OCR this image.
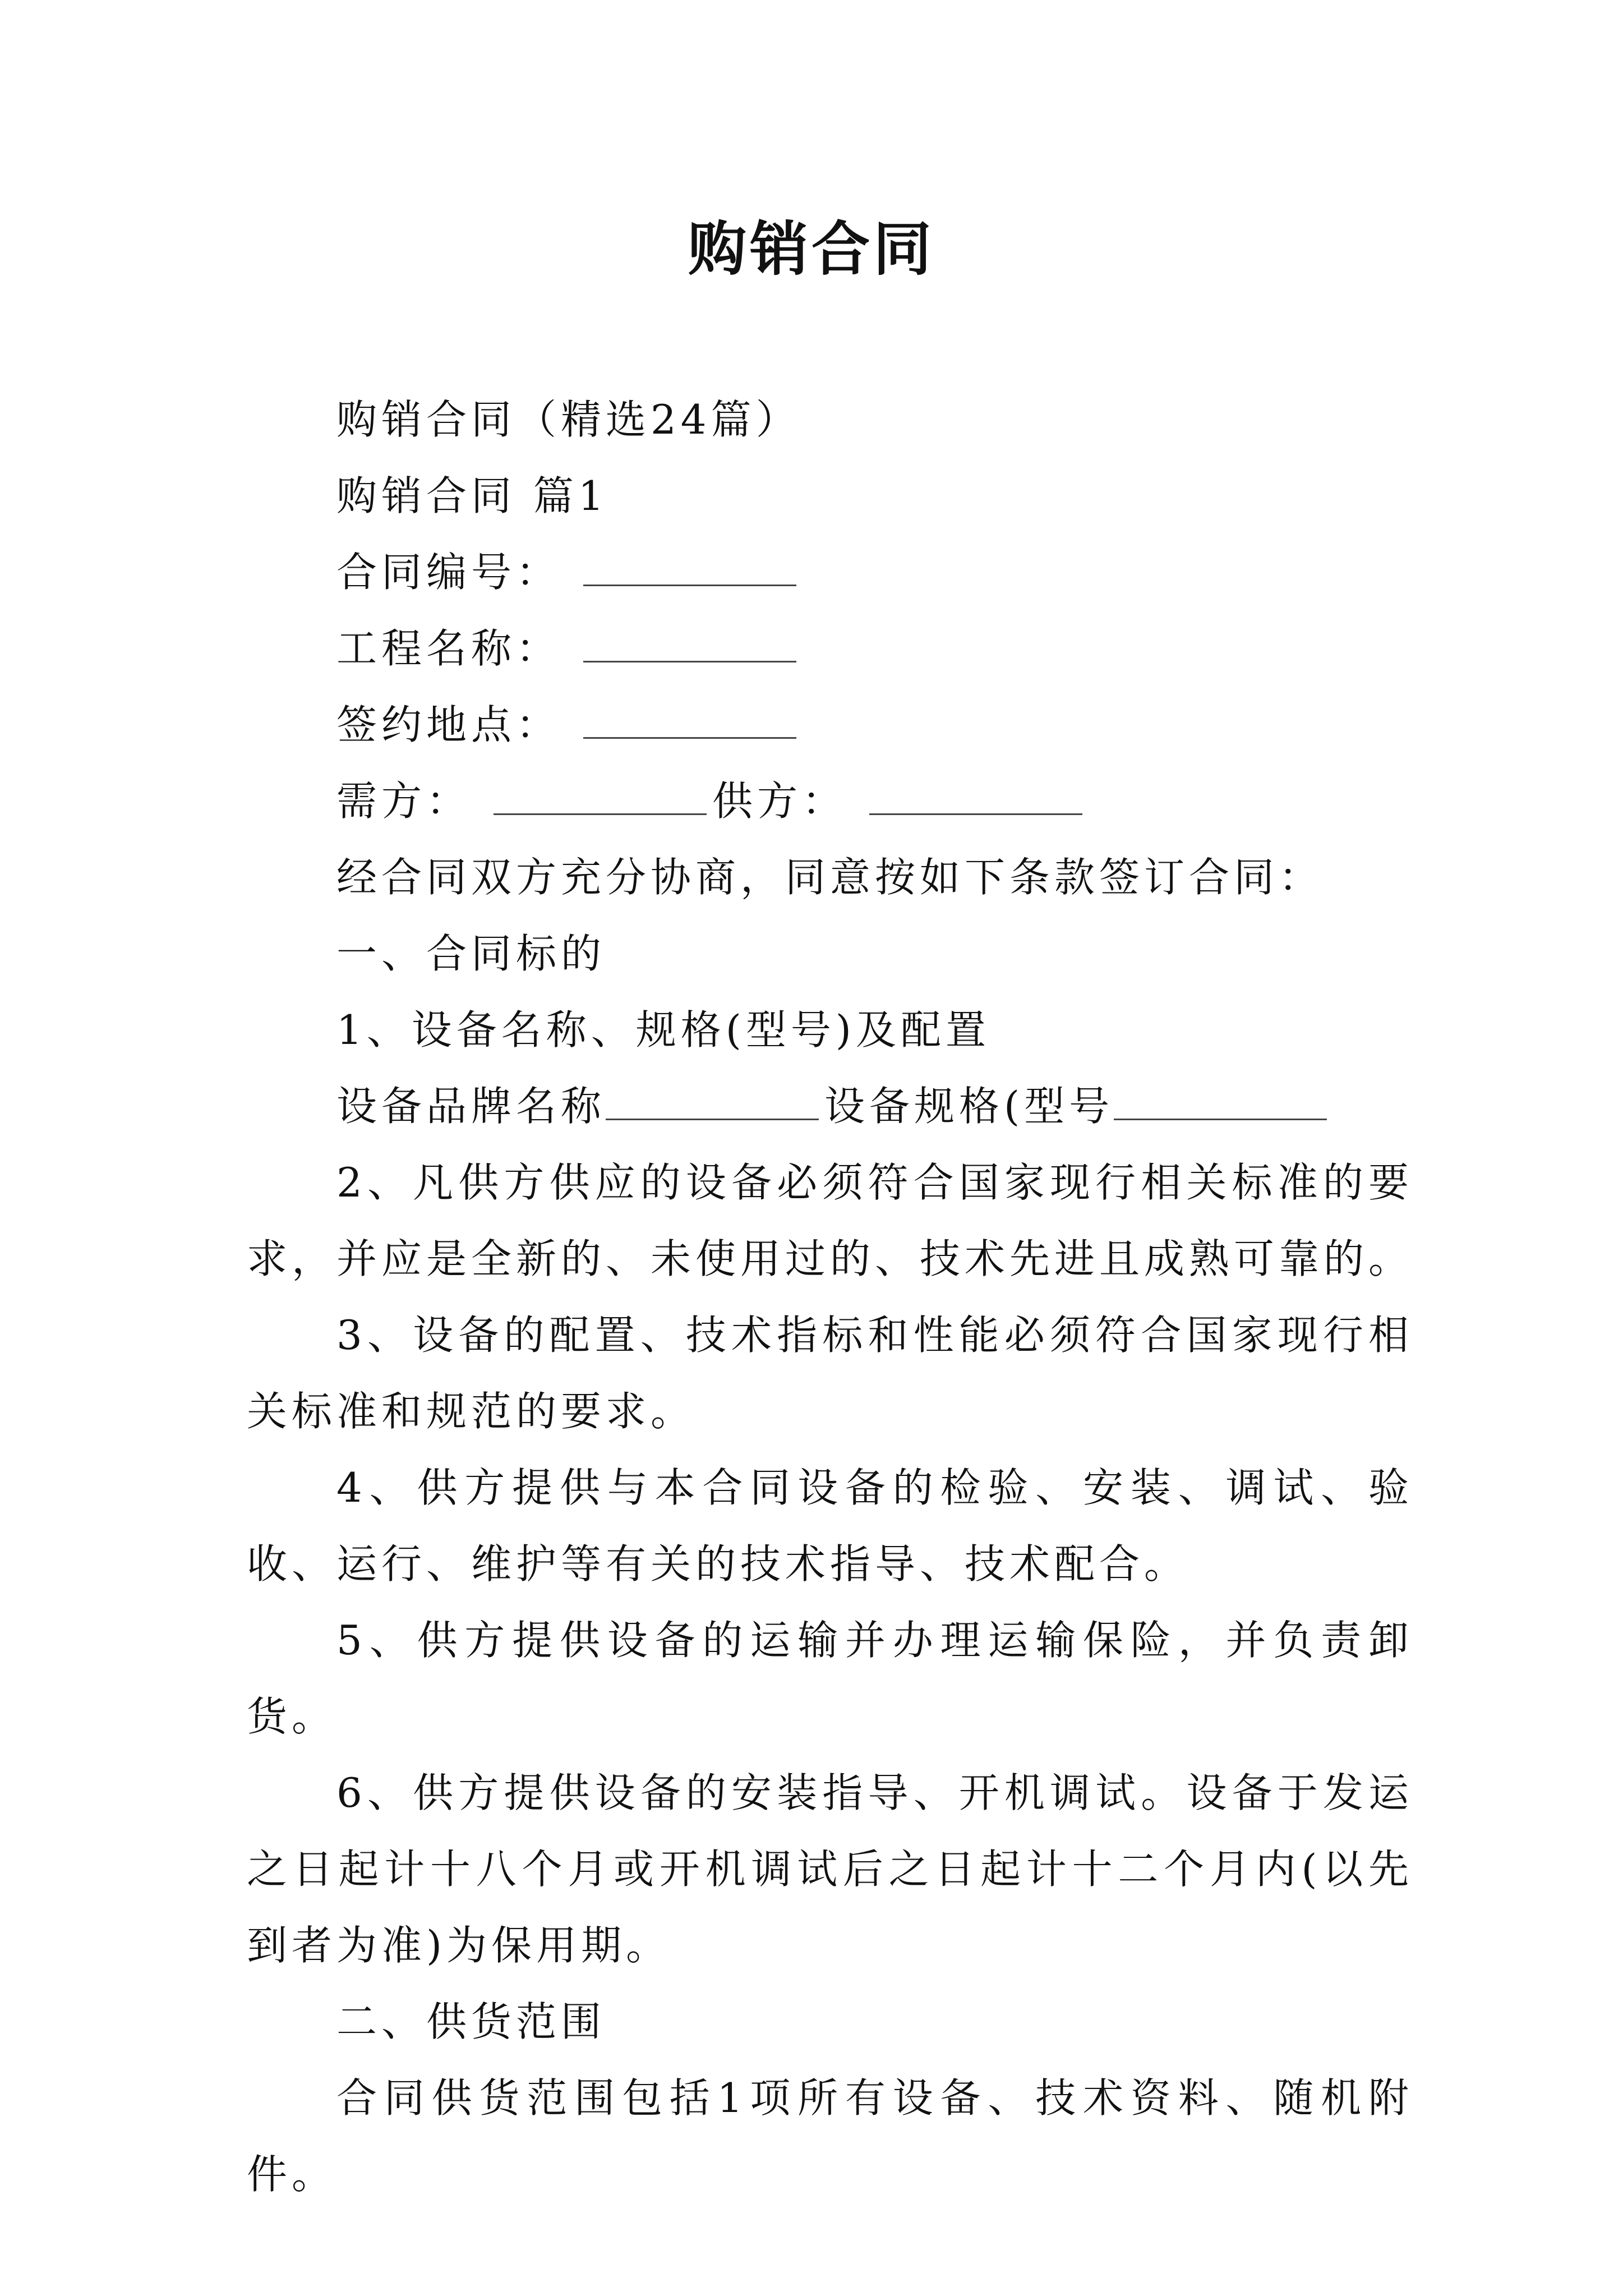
购销合同

购销合同（精选24篇）

购销合同 篇1

合同编号：

工程名称：

签约地点：

需方：	供方：

经合同双方充分协商，同意按如下条款签订合同：

一、合同标的

1、设备名称、规格(型号)及配置

设备品牌名称	设备规格(型号

2、凡供方供应的设备必须符合国家现行相关标准的要求，并应是全新的、未使用过的、技术先进且成熟可靠的。

3、设备的配置、技术指标和性能必须符合国家现行相关标准和规范的要求。

4、供方提供与本合同设备的检验、安装、调试、验收、运行、维护等有关的技术指导、技术配合。

5、供方提供设备的运输并办理运输保险，并负责卸货。

6、供方提供设备的安装指导、开机调试。设备于发运之日起计十八个月或开机调试后之日起计十二个月内(以先到者为准)为保用期。

二、供货范围

合同供货范围包括1项所有设备、技术资料、随机附件。
